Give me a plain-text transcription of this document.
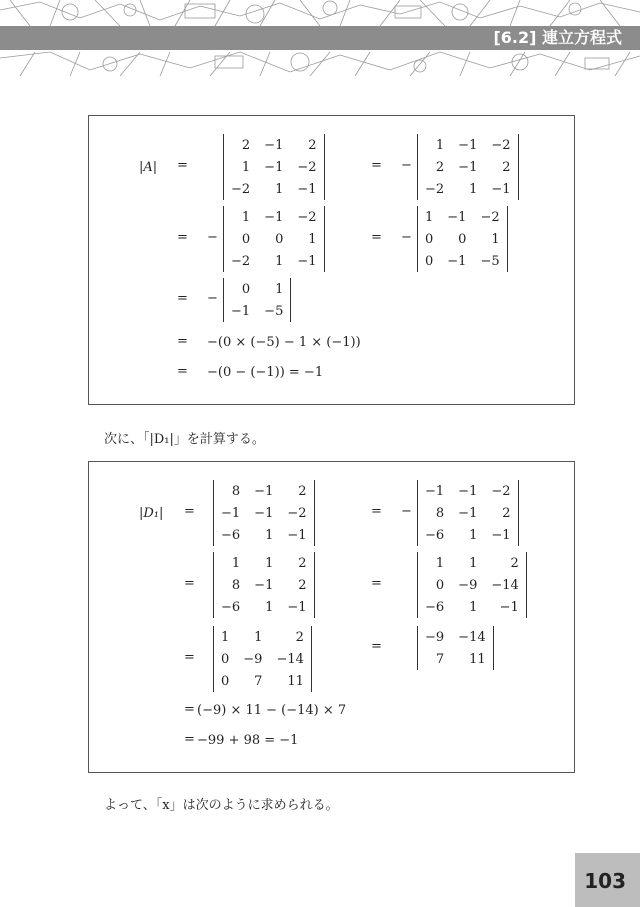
[6.2] 連立方程式
|A| =
2	−1	2
1	−1	−2
−2	1	−1
= −
1	−1	−2
2	−1	2
−2	1	−1
= −
1	−1	−2
0	0	1
−2	1	−1
= −
1	−1	−2
0	0	1
0	−1	−5
= −
0	1
−1	−5
= −(0 × (−5) − 1 × (−1))
= −(0 − (−1)) = −1
次に、「|D₁|」を計算する。
|D₁| =
8	−1	2
−1	−1	−2
−6	1	−1
= −
−1	−1	−2
8	−1	2
−6	1	−1
=
1	1	2
8	−1	2
−6	1	−1
=
1	1	2
0	−9	−14
−6	1	−1
=
1	1	2
0	−9	−14
0	7	11
=
−9	−14
7	11
= (−9) × 11 − (−14) × 7
= −99 + 98 = −1
よって、「x」は次のように求められる。
103
